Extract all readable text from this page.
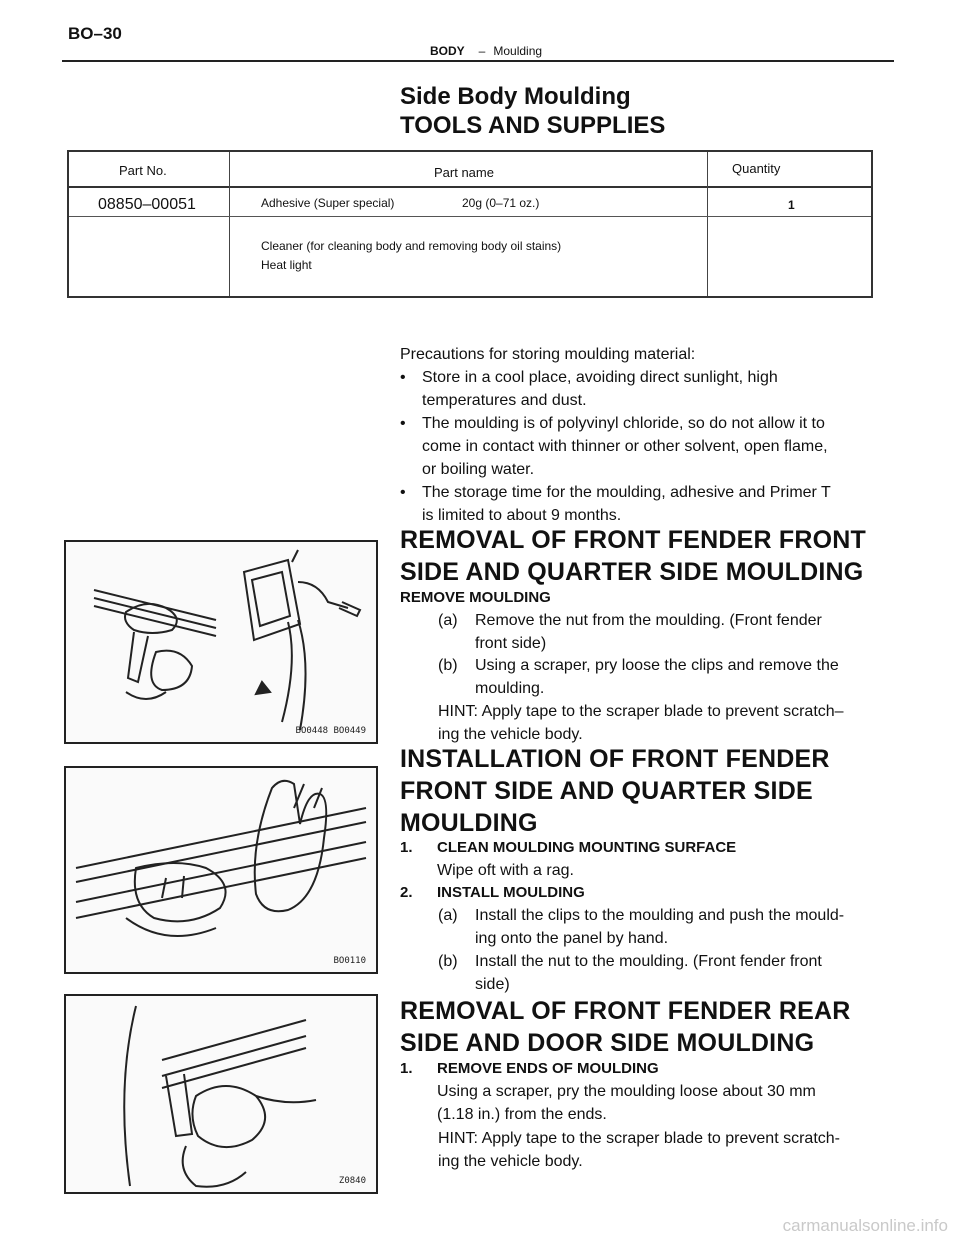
BO–30
BODY – Moulding
Side Body Moulding
TOOLS AND SUPPLIES
Part No.	Part name	Quantity
08850–00051	Adhesive (Super special)	20g (0–71 oz.)	1
Cleaner (for cleaning body and removing body oil stains)
Heat light
Precautions for storing moulding material:
•	Store in a cool place, avoiding direct sunlight, high
temperatures and dust.
•	The moulding is of polyvinyl chloride, so do not allow it to
come in contact with thinner or other solvent, open flame,
or boiling water.
•	The storage time for the moulding, adhesive and Primer T
is limited to about 9 months.
BO0448 BO0449
REMOVAL OF FRONT FENDER FRONT
SIDE AND QUARTER SIDE MOULDING
REMOVE MOULDING
(a)	Remove the nut from the moulding. (Front fender
front side)
(b)	Using a scraper, pry loose the clips and remove the
moulding.
HINT: Apply tape to the scraper blade to prevent scratch–
ing the vehicle body.
BO0110
INSTALLATION OF FRONT FENDER
FRONT SIDE AND QUARTER SIDE
MOULDING
1.	CLEAN MOULDING MOUNTING SURFACE
Wipe oft with a rag.
2.	INSTALL MOULDING
(a)	Install the clips to the moulding and push the mould-
ing onto the panel by hand.
(b)	Install the nut to the moulding. (Front fender front
side)
Z0840
REMOVAL OF FRONT FENDER REAR
SIDE AND DOOR SIDE MOULDING
1.	REMOVE ENDS OF MOULDING
Using a scraper, pry the moulding loose about 30 mm
(1.18 in.) from the ends.
HINT: Apply tape to the scraper blade to prevent scratch-
ing the vehicle body.
carmanualsonline.info
